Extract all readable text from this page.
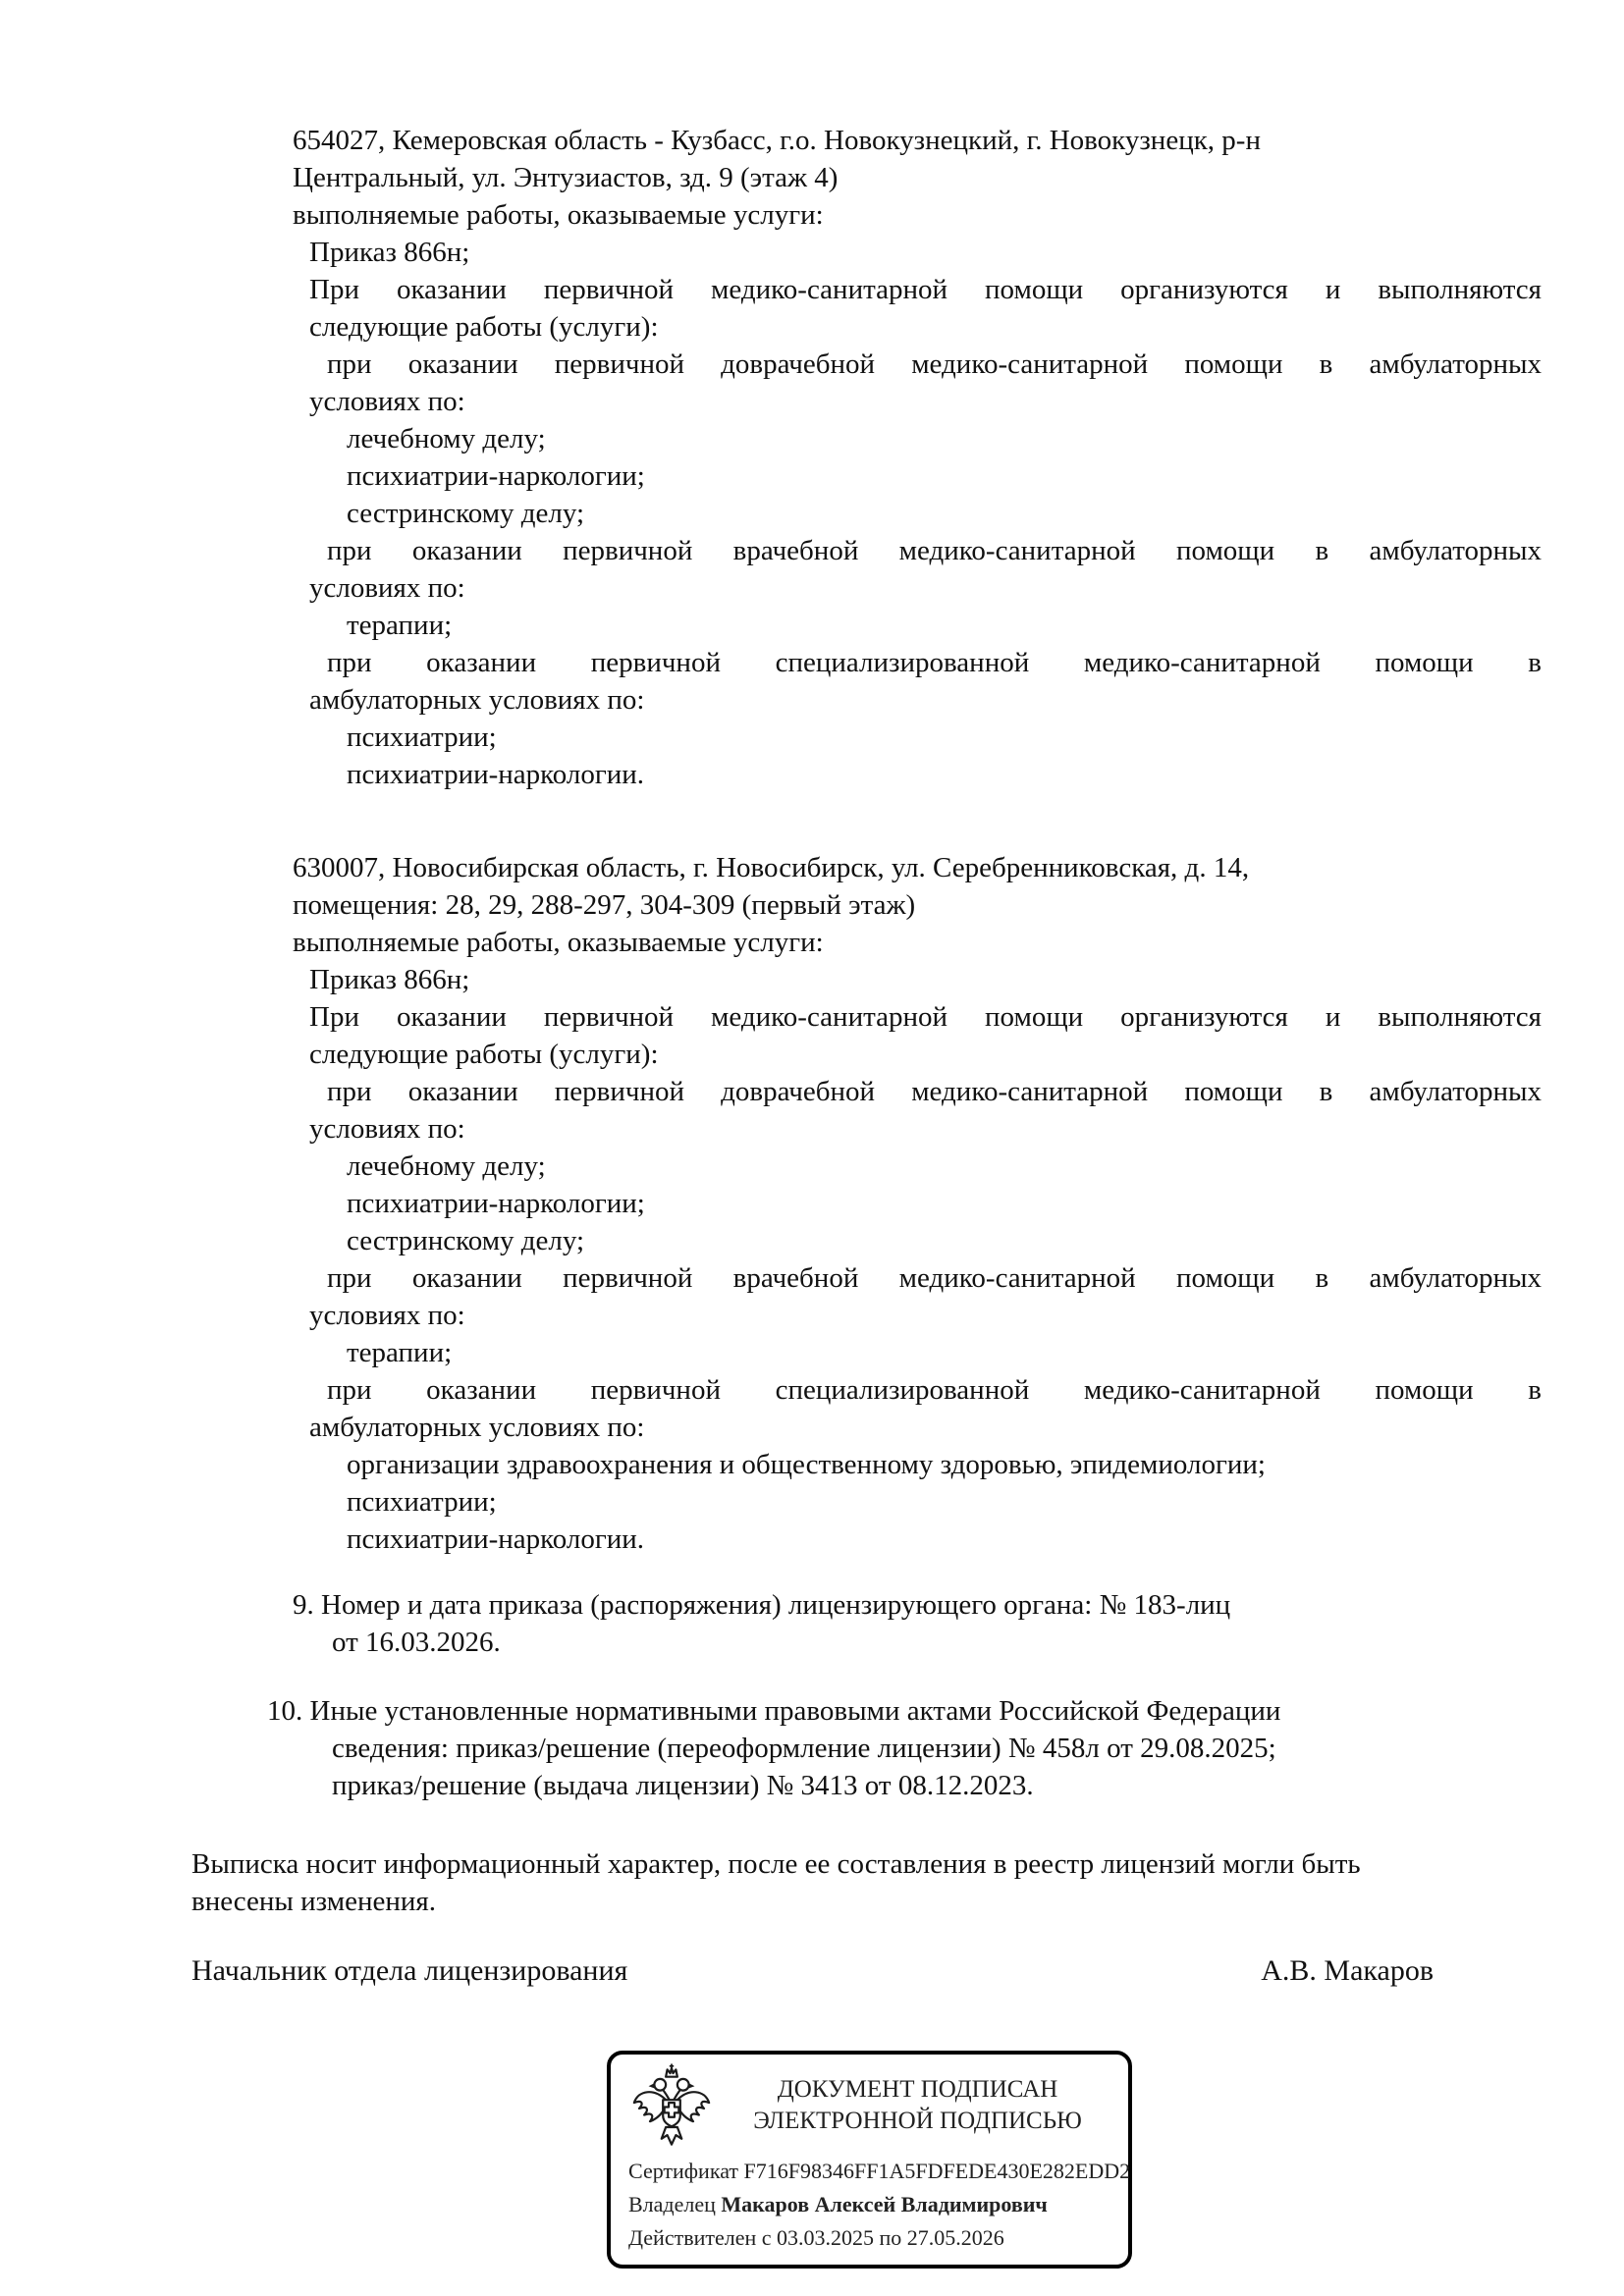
654027, Кемеровская область - Кузбасс, г.о. Новокузнецкий, г. Новокузнецк, р-н
Центральный, ул. Энтузиастов, зд. 9 (этаж 4)
выполняемые работы, оказываемые услуги:
Приказ 866н;
При оказании первичной медико-санитарной помощи организуются и выполняются
следующие работы (услуги):
при оказании первичной доврачебной медико-санитарной помощи в амбулаторных
условиях по:
лечебному делу;
психиатрии-наркологии;
сестринскому делу;
при оказании первичной врачебной медико-санитарной помощи в амбулаторных
условиях по:
терапии;
при оказании первичной специализированной медико-санитарной помощи в
амбулаторных условиях по:
психиатрии;
психиатрии-наркологии.
630007, Новосибирская область, г. Новосибирск, ул. Серебренниковская, д. 14,
помещения: 28, 29, 288-297, 304-309 (первый этаж)
выполняемые работы, оказываемые услуги:
Приказ 866н;
При оказании первичной медико-санитарной помощи организуются и выполняются
следующие работы (услуги):
при оказании первичной доврачебной медико-санитарной помощи в амбулаторных
условиях по:
лечебному делу;
психиатрии-наркологии;
сестринскому делу;
при оказании первичной врачебной медико-санитарной помощи в амбулаторных
условиях по:
терапии;
при оказании первичной специализированной медико-санитарной помощи в
амбулаторных условиях по:
организации здравоохранения и общественному здоровью, эпидемиологии;
психиатрии;
психиатрии-наркологии.
9. Номер и дата приказа (распоряжения) лицензирующего органа: № 183-лиц
от 16.03.2026.
10. Иные установленные нормативными правовыми актами Российской Федерации
сведения: приказ/решение (переоформление лицензии) № 458л от 29.08.2025;
приказ/решение (выдача лицензии) № 3413 от 08.12.2023.
Выписка носит информационный характер, после ее составления в реестр лицензий могли быть
внесены изменения.
Начальник отдела лицензирования	А.В. Макаров
ДОКУМЕНТ ПОДПИСАН
ЭЛЕКТРОННОЙ ПОДПИСЬЮ
Сертификат F716F98346FF1A5FDFEDE430E282EDD2
Владелец Макаров Алексей Владимирович
Действителен с 03.03.2025 по 27.05.2026
